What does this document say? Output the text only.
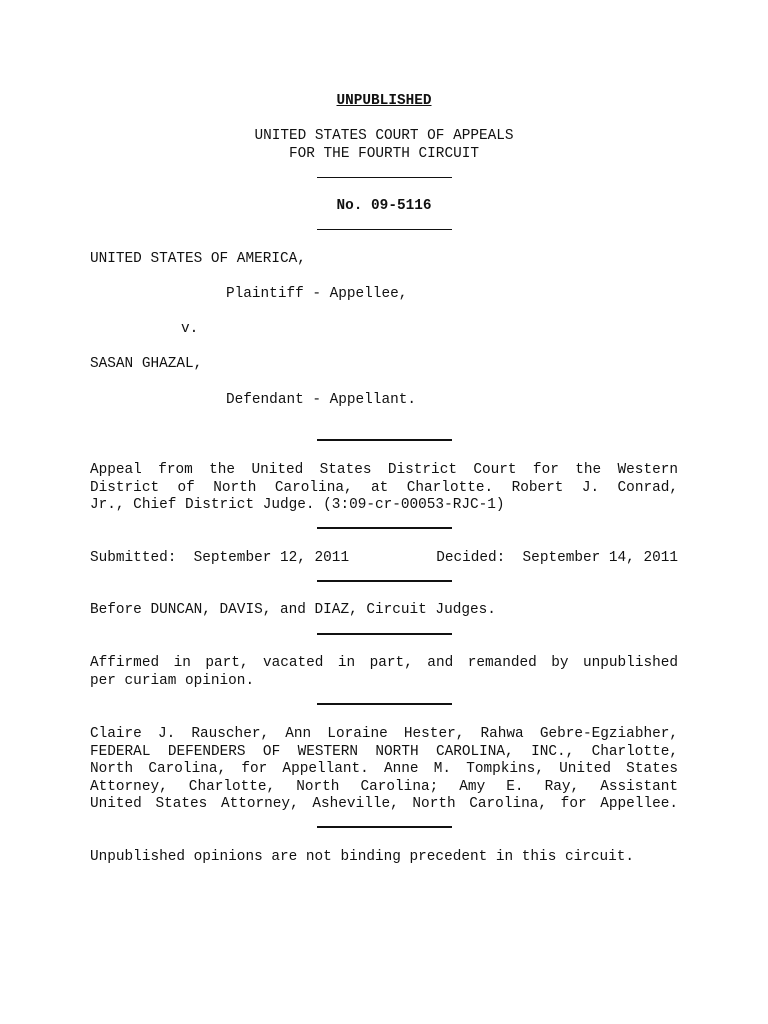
UNPUBLISHED
UNITED STATES COURT OF APPEALS
FOR THE FOURTH CIRCUIT
No. 09-5116
UNITED STATES OF AMERICA,
Plaintiff - Appellee,
v.
SASAN GHAZAL,
Defendant - Appellant.
Appeal from the United States District Court for the Western
District of North Carolina, at Charlotte. Robert J. Conrad,
Jr., Chief District Judge. (3:09-cr-00053-RJC-1)
Submitted:  September 12, 2011	Decided:  September 14, 2011
Before DUNCAN, DAVIS, and DIAZ, Circuit Judges.
Affirmed in part, vacated in part, and remanded by unpublished
per curiam opinion.
Claire J. Rauscher, Ann Loraine Hester, Rahwa Gebre-Egziabher,
FEDERAL DEFENDERS OF WESTERN NORTH CAROLINA, INC., Charlotte,
North Carolina, for Appellant. Anne M. Tompkins, United States
Attorney, Charlotte, North Carolina; Amy E. Ray, Assistant
United States Attorney, Asheville, North Carolina, for Appellee.
Unpublished opinions are not binding precedent in this circuit.
